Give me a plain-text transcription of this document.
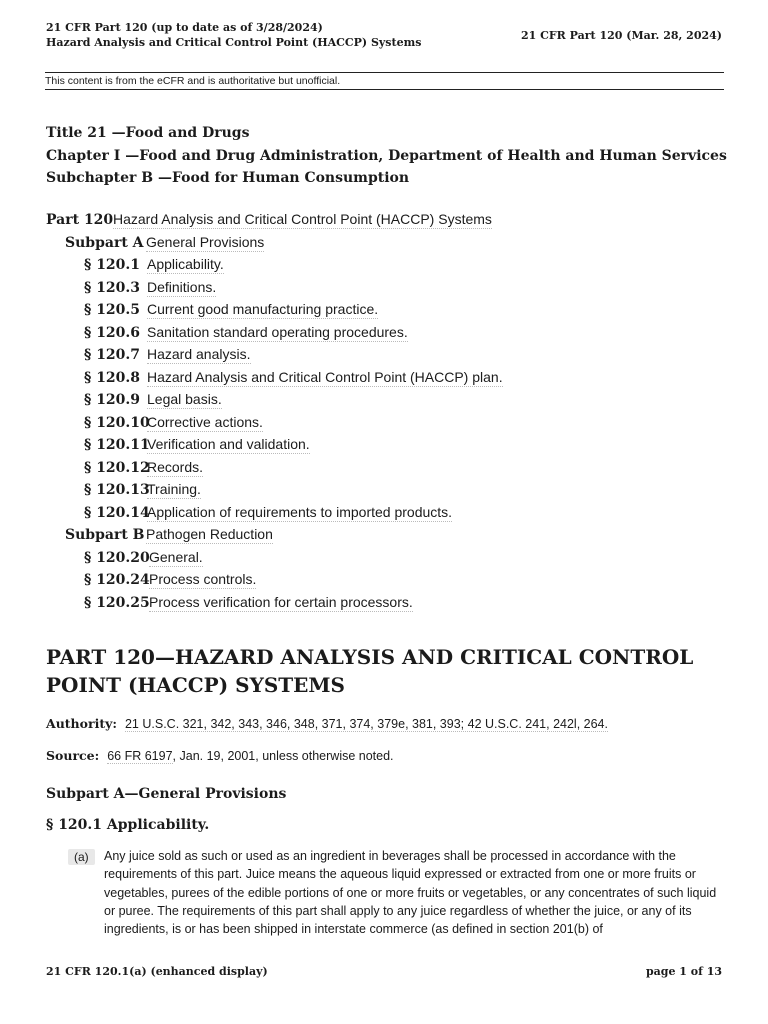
21 CFR Part 120 (up to date as of 3/28/2024)
Hazard Analysis and Critical Control Point (HACCP) Systems
21 CFR Part 120 (Mar. 28, 2024)
This content is from the eCFR and is authoritative but unofficial.
Title 21 —Food and Drugs
Chapter I —Food and Drug Administration, Department of Health and Human Services
Subchapter B —Food for Human Consumption
Part 120Hazard Analysis and Critical Control Point (HACCP) Systems
Subpart A General Provisions
§ 120.1 Applicability.
§ 120.3 Definitions.
§ 120.5 Current good manufacturing practice.
§ 120.6 Sanitation standard operating procedures.
§ 120.7 Hazard analysis.
§ 120.8 Hazard Analysis and Critical Control Point (HACCP) plan.
§ 120.9 Legal basis.
§ 120.10Corrective actions.
§ 120.11Verification and validation.
§ 120.12Records.
§ 120.13Training.
§ 120.14Application of requirements to imported products.
Subpart B Pathogen Reduction
§ 120.20General.
§ 120.24Process controls.
§ 120.25Process verification for certain processors.
PART 120—HAZARD ANALYSIS AND CRITICAL CONTROL POINT (HACCP) SYSTEMS
Authority: 21 U.S.C. 321, 342, 343, 346, 348, 371, 374, 379e, 381, 393; 42 U.S.C. 241, 242l, 264.
Source: 66 FR 6197, Jan. 19, 2001, unless otherwise noted.
Subpart A—General Provisions
§ 120.1 Applicability.
(a)	Any juice sold as such or used as an ingredient in beverages shall be processed in accordance with the requirements of this part. Juice means the aqueous liquid expressed or extracted from one or more fruits or vegetables, purees of the edible portions of one or more fruits or vegetables, or any concentrates of such liquid or puree. The requirements of this part shall apply to any juice regardless of whether the juice, or any of its ingredients, is or has been shipped in interstate commerce (as defined in section 201(b) of
21 CFR 120.1(a) (enhanced display)	page 1 of 13
